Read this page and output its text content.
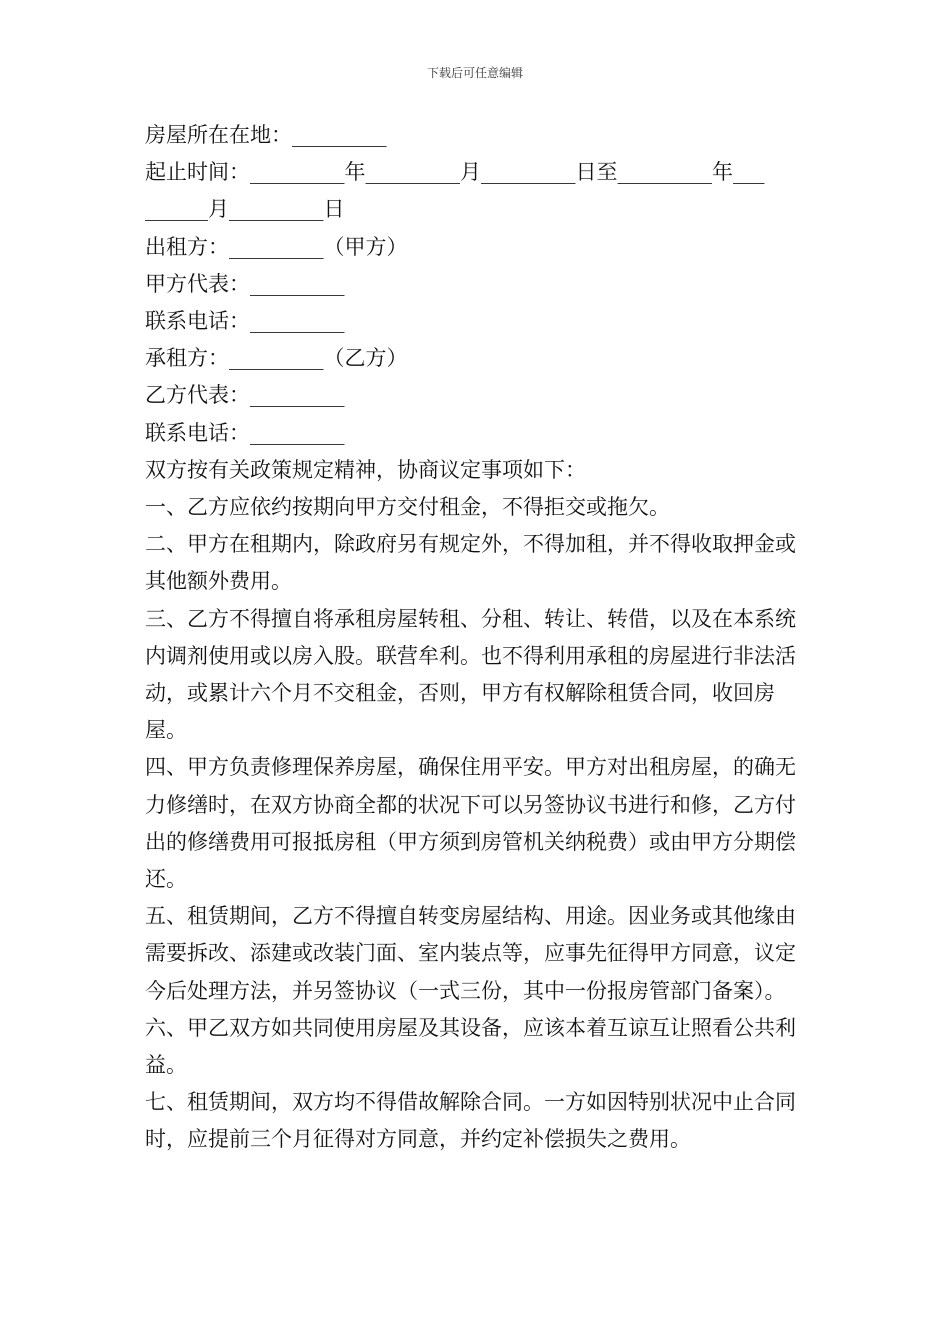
下载后可任意编辑

房屋所在在地：_________

起止时间：_________年_________月_________日至_________年___

______月_________日

出租方：_________（甲方）

甲方代表：_________

联系电话：_________

承租方：_________（乙方）

乙方代表：_________

联系电话：_________

双方按有关政策规定精神，协商议定事项如下：

一、乙方应依约按期向甲方交付租金，不得拒交或拖欠。

二、甲方在租期内，除政府另有规定外，不得加租，并不得收取押金或其他额外费用。

三、乙方不得擅自将承租房屋转租、分租、转让、转借，以及在本系统内调剂使用或以房入股。联营牟利。也不得利用承租的房屋进行非法活动，或累计六个月不交租金，否则，甲方有权解除租赁合同，收回房屋。

四、甲方负责修理保养房屋，确保住用平安。甲方对出租房屋，的确无力修缮时，在双方协商全都的状况下可以另签协议书进行和修，乙方付出的修缮费用可报抵房租（甲方须到房管机关纳税费）或由甲方分期偿还。

五、租赁期间，乙方不得擅自转变房屋结构、用途。因业务或其他缘由需要拆改、添建或改装门面、室内装点等，应事先征得甲方同意，议定今后处理方法，并另签协议（一式三份，其中一份报房管部门备案）。

六、甲乙双方如共同使用房屋及其设备，应该本着互谅互让照看公共利益。

七、租赁期间，双方均不得借故解除合同。一方如因特别状况中止合同时，应提前三个月征得对方同意，并约定补偿损失之费用。
